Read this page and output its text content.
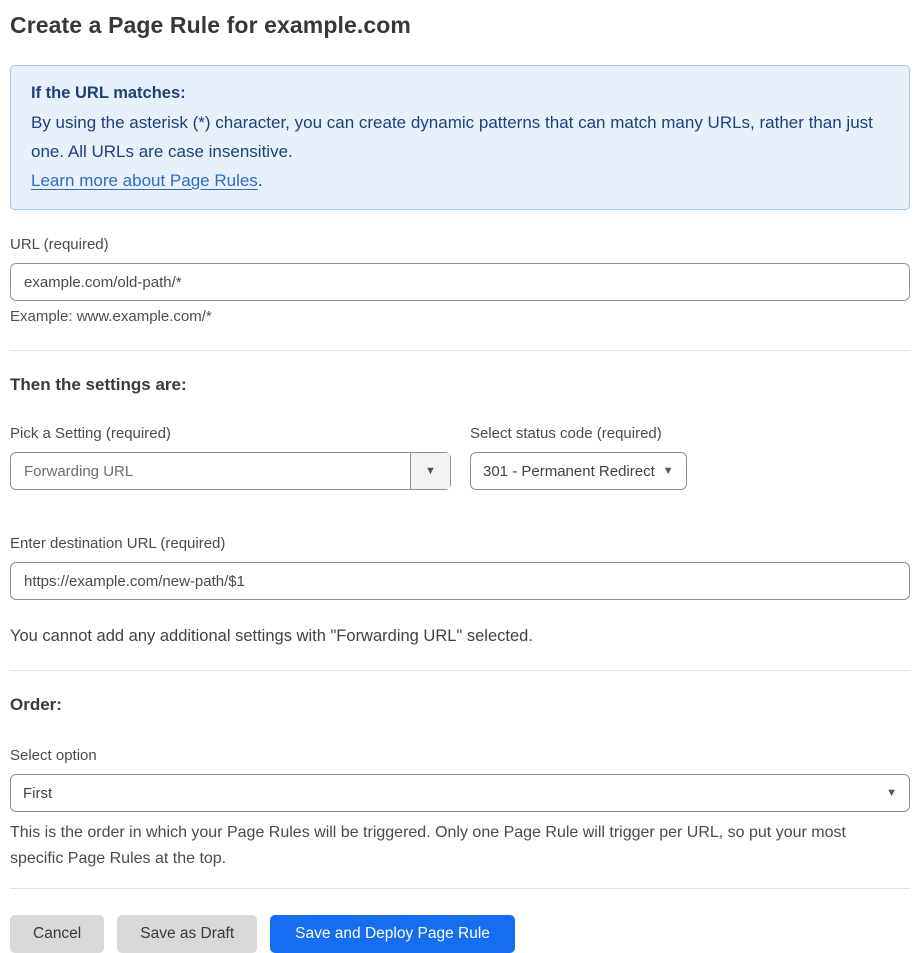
Create a Page Rule for example.com
If the URL matches:
By using the asterisk (*) character, you can create dynamic patterns that can match many URLs, rather than just one. All URLs are case insensitive.
Learn more about Page Rules.
URL (required)
example.com/old-path/*
Example: www.example.com/*
Then the settings are:
Pick a Setting (required)
Forwarding URL	▼
Select status code (required)
301 - Permanent Redirect ▼
Enter destination URL (required)
https://example.com/new-path/$1
You cannot add any additional settings with "Forwarding URL" selected.
Order:
Select option
First	▼
This is the order in which your Page Rules will be triggered. Only one Page Rule will trigger per URL, so put your most specific Page Rules at the top.
Cancel	Save as Draft	Save and Deploy Page Rule
